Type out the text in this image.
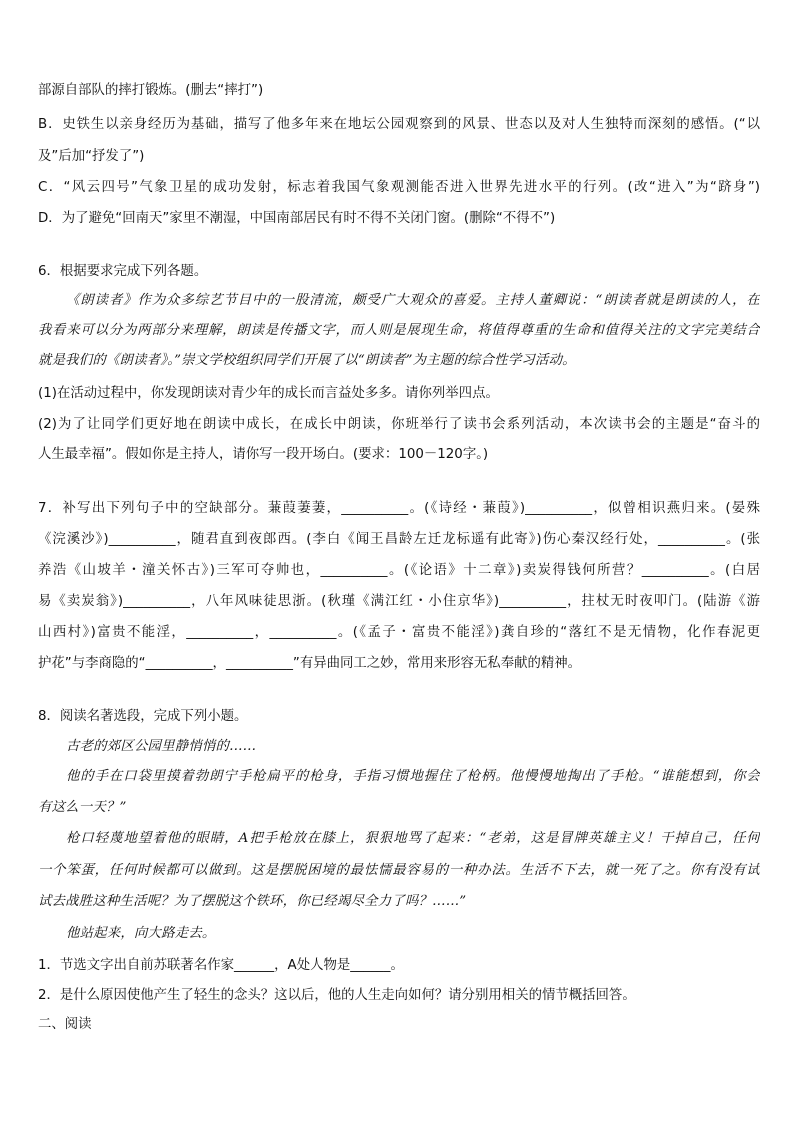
部源自部队的摔打锻炼。(删去“摔打”)
B．史铁生以亲身经历为基础，描写了他多年来在地坛公园观察到的风景、世态以及对人生独特而深刻的感悟。(“以
及”后加“抒发了”)
C．“风云四号”气象卫星的成功发射，标志着我国气象观测能否进入世界先进水平的行列。(改“进入”为“跻身”)
D．为了避免“回南天”家里不潮湿，中国南部居民有时不得不关闭门窗。(删除“不得不”)
6．根据要求完成下列各题。
《朗读者》作为众多综艺节目中的一股清流，颇受广大观众的喜爱。主持人董卿说：“朗读者就是朗读的人，在
我看来可以分为两部分来理解，朗读是传播文字，而人则是展现生命，将值得尊重的生命和值得关注的文字完美结合
就是我们的《朗读者》。”崇文学校组织同学们开展了以“朗读者”为主题的综合性学习活动。
(1)在活动过程中，你发现朗读对青少年的成长而言益处多多。请你列举四点。
(2)为了让同学们更好地在朗读中成长，在成长中朗读，你班举行了读书会系列活动，本次读书会的主题是“奋斗的
人生最幸福”。假如你是主持人，请你写一段开场白。(要求：100－120字。)
7．补写出下列句子中的空缺部分。蒹葭萋萋，__________。(《诗经・蒹葭》)__________，似曾相识燕归来。(晏殊
《浣溪沙》)__________，随君直到夜郎西。(李白《闻王昌龄左迁龙标遥有此寄》)伤心秦汉经行处，__________。(张
养浩《山坡羊・潼关怀古》)三军可夺帅也，__________。(《论语》十二章》)卖炭得钱何所营？__________。(白居
易《卖炭翁》)__________，八年风味徒思浙。(秋瑾《满江红・小住京华》)__________，拄杖无时夜叩门。(陆游《游
山西村》)富贵不能淫，__________，__________。(《孟子・富贵不能淫》)龚自珍的“落红不是无情物，化作春泥更
护花”与李商隐的“__________，__________”有异曲同工之妙，常用来形容无私奉献的精神。
8．阅读名著选段，完成下列小题。
古老的郊区公园里静悄悄的……
他的手在口袋里摸着勃朗宁手枪扁平的枪身，手指习惯地握住了枪柄。他慢慢地掏出了手枪。“谁能想到，你会
有这么一天？”
枪口轻蔑地望着他的眼睛，A把手枪放在膝上，狠狠地骂了起来：“老弟，这是冒牌英雄主义！干掉自己，任何
一个笨蛋，任何时候都可以做到。这是摆脱困境的最怯懦最容易的一种办法。生活不下去，就一死了之。你有没有试
试去战胜这种生活呢？为了摆脱这个铁环，你已经竭尽全力了吗？……”
他站起来，向大路走去。
1．节选文字出自前苏联著名作家______，A处人物是______。
2．是什么原因使他产生了轻生的念头？这以后，他的人生走向如何？请分别用相关的情节概括回答。
二、阅读
